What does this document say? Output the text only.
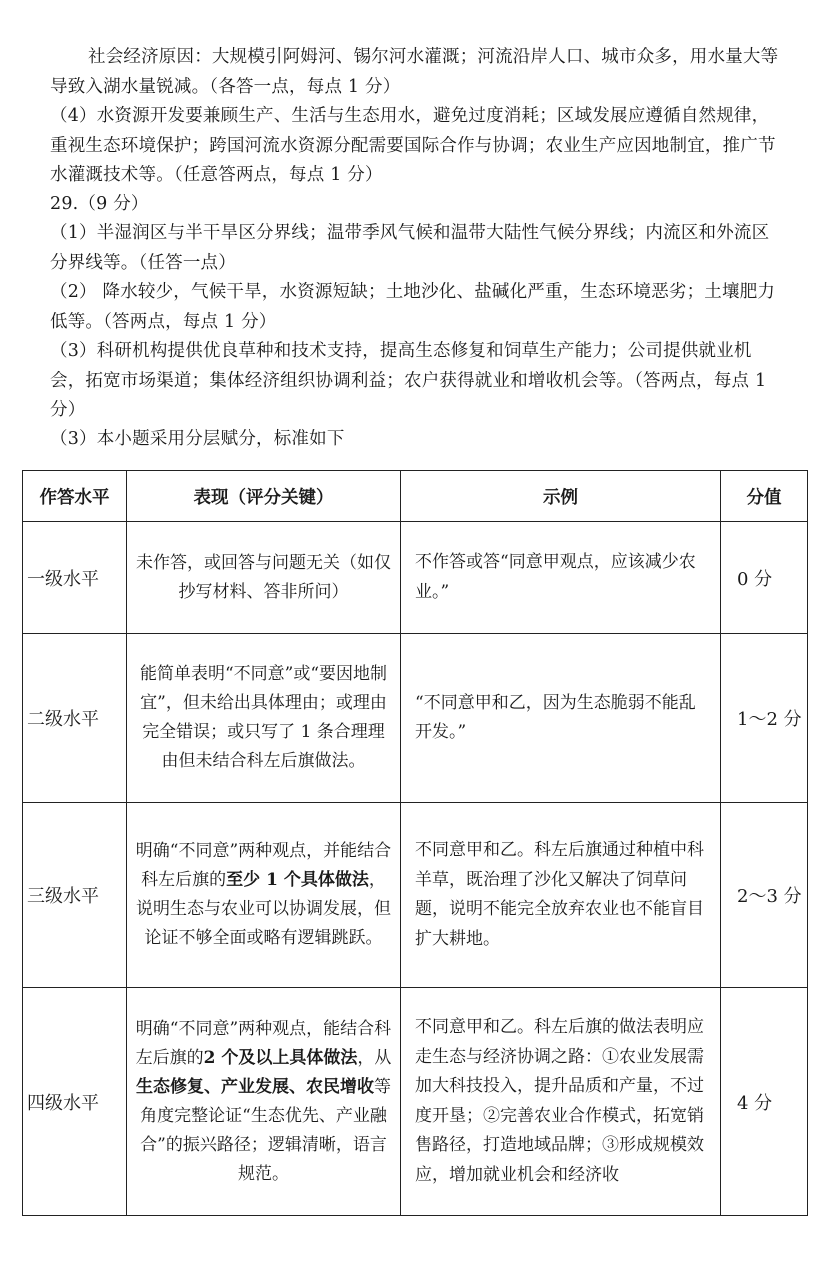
社会经济原因：大规模引阿姆河、锡尔河水灌溉；河流沿岸人口、城市众多，用水量大等导致入湖水量锐减。（各答一点，每点 1 分）
（4）水资源开发要兼顾生产、生活与生态用水，避免过度消耗；区域发展应遵循自然规律，重视生态环境保护；跨国河流水资源分配需要国际合作与协调；农业生产应因地制宜，推广节水灌溉技术等。（任意答两点，每点 1 分）
29.（9 分）
（1）半湿润区与半干旱区分界线；温带季风气候和温带大陆性气候分界线；内流区和外流区分界线等。（任答一点）
（2） 降水较少，气候干旱，水资源短缺；土地沙化、盐碱化严重，生态环境恶劣；土壤肥力低等。（答两点，每点 1 分）
（3）科研机构提供优良草种和技术支持，提高生态修复和饲草生产能力；公司提供就业机会，拓宽市场渠道；集体经济组织协调利益；农户获得就业和增收机会等。（答两点，每点 1 分）
（3）本小题采用分层赋分，标准如下
作答水平	表现（评分关键）	示例	分值
一级水平	未作答，或回答与问题无关（如仅抄写材料、答非所问）	不作答或答“同意甲观点，应该减少农业。”	0 分
二级水平	能简单表明“不同意”或“要因地制宜”，但未给出具体理由；或理由完全错误；或只写了 1 条合理理由但未结合科左后旗做法。	“不同意甲和乙，因为生态脆弱不能乱开发。”	1～2 分
三级水平	明确“不同意”两种观点，并能结合科左后旗的至少 1 个具体做法，说明生态与农业可以协调发展，但论证不够全面或略有逻辑跳跃。	不同意甲和乙。科左后旗通过种植中科羊草，既治理了沙化又解决了饲草问题，说明不能完全放弃农业也不能盲目扩大耕地。	2～3 分
四级水平	明确“不同意”两种观点，能结合科左后旗的2 个及以上具体做法，从生态修复、产业发展、农民增收等角度完整论证“生态优先、产业融合”的振兴路径；逻辑清晰，语言规范。	不同意甲和乙。科左后旗的做法表明应走生态与经济协调之路：①农业发展需加大科技投入，提升品质和产量，不过度开垦；②完善农业合作模式，拓宽销售路径，打造地域品牌；③形成规模效应，增加就业机会和经济收	4 分
